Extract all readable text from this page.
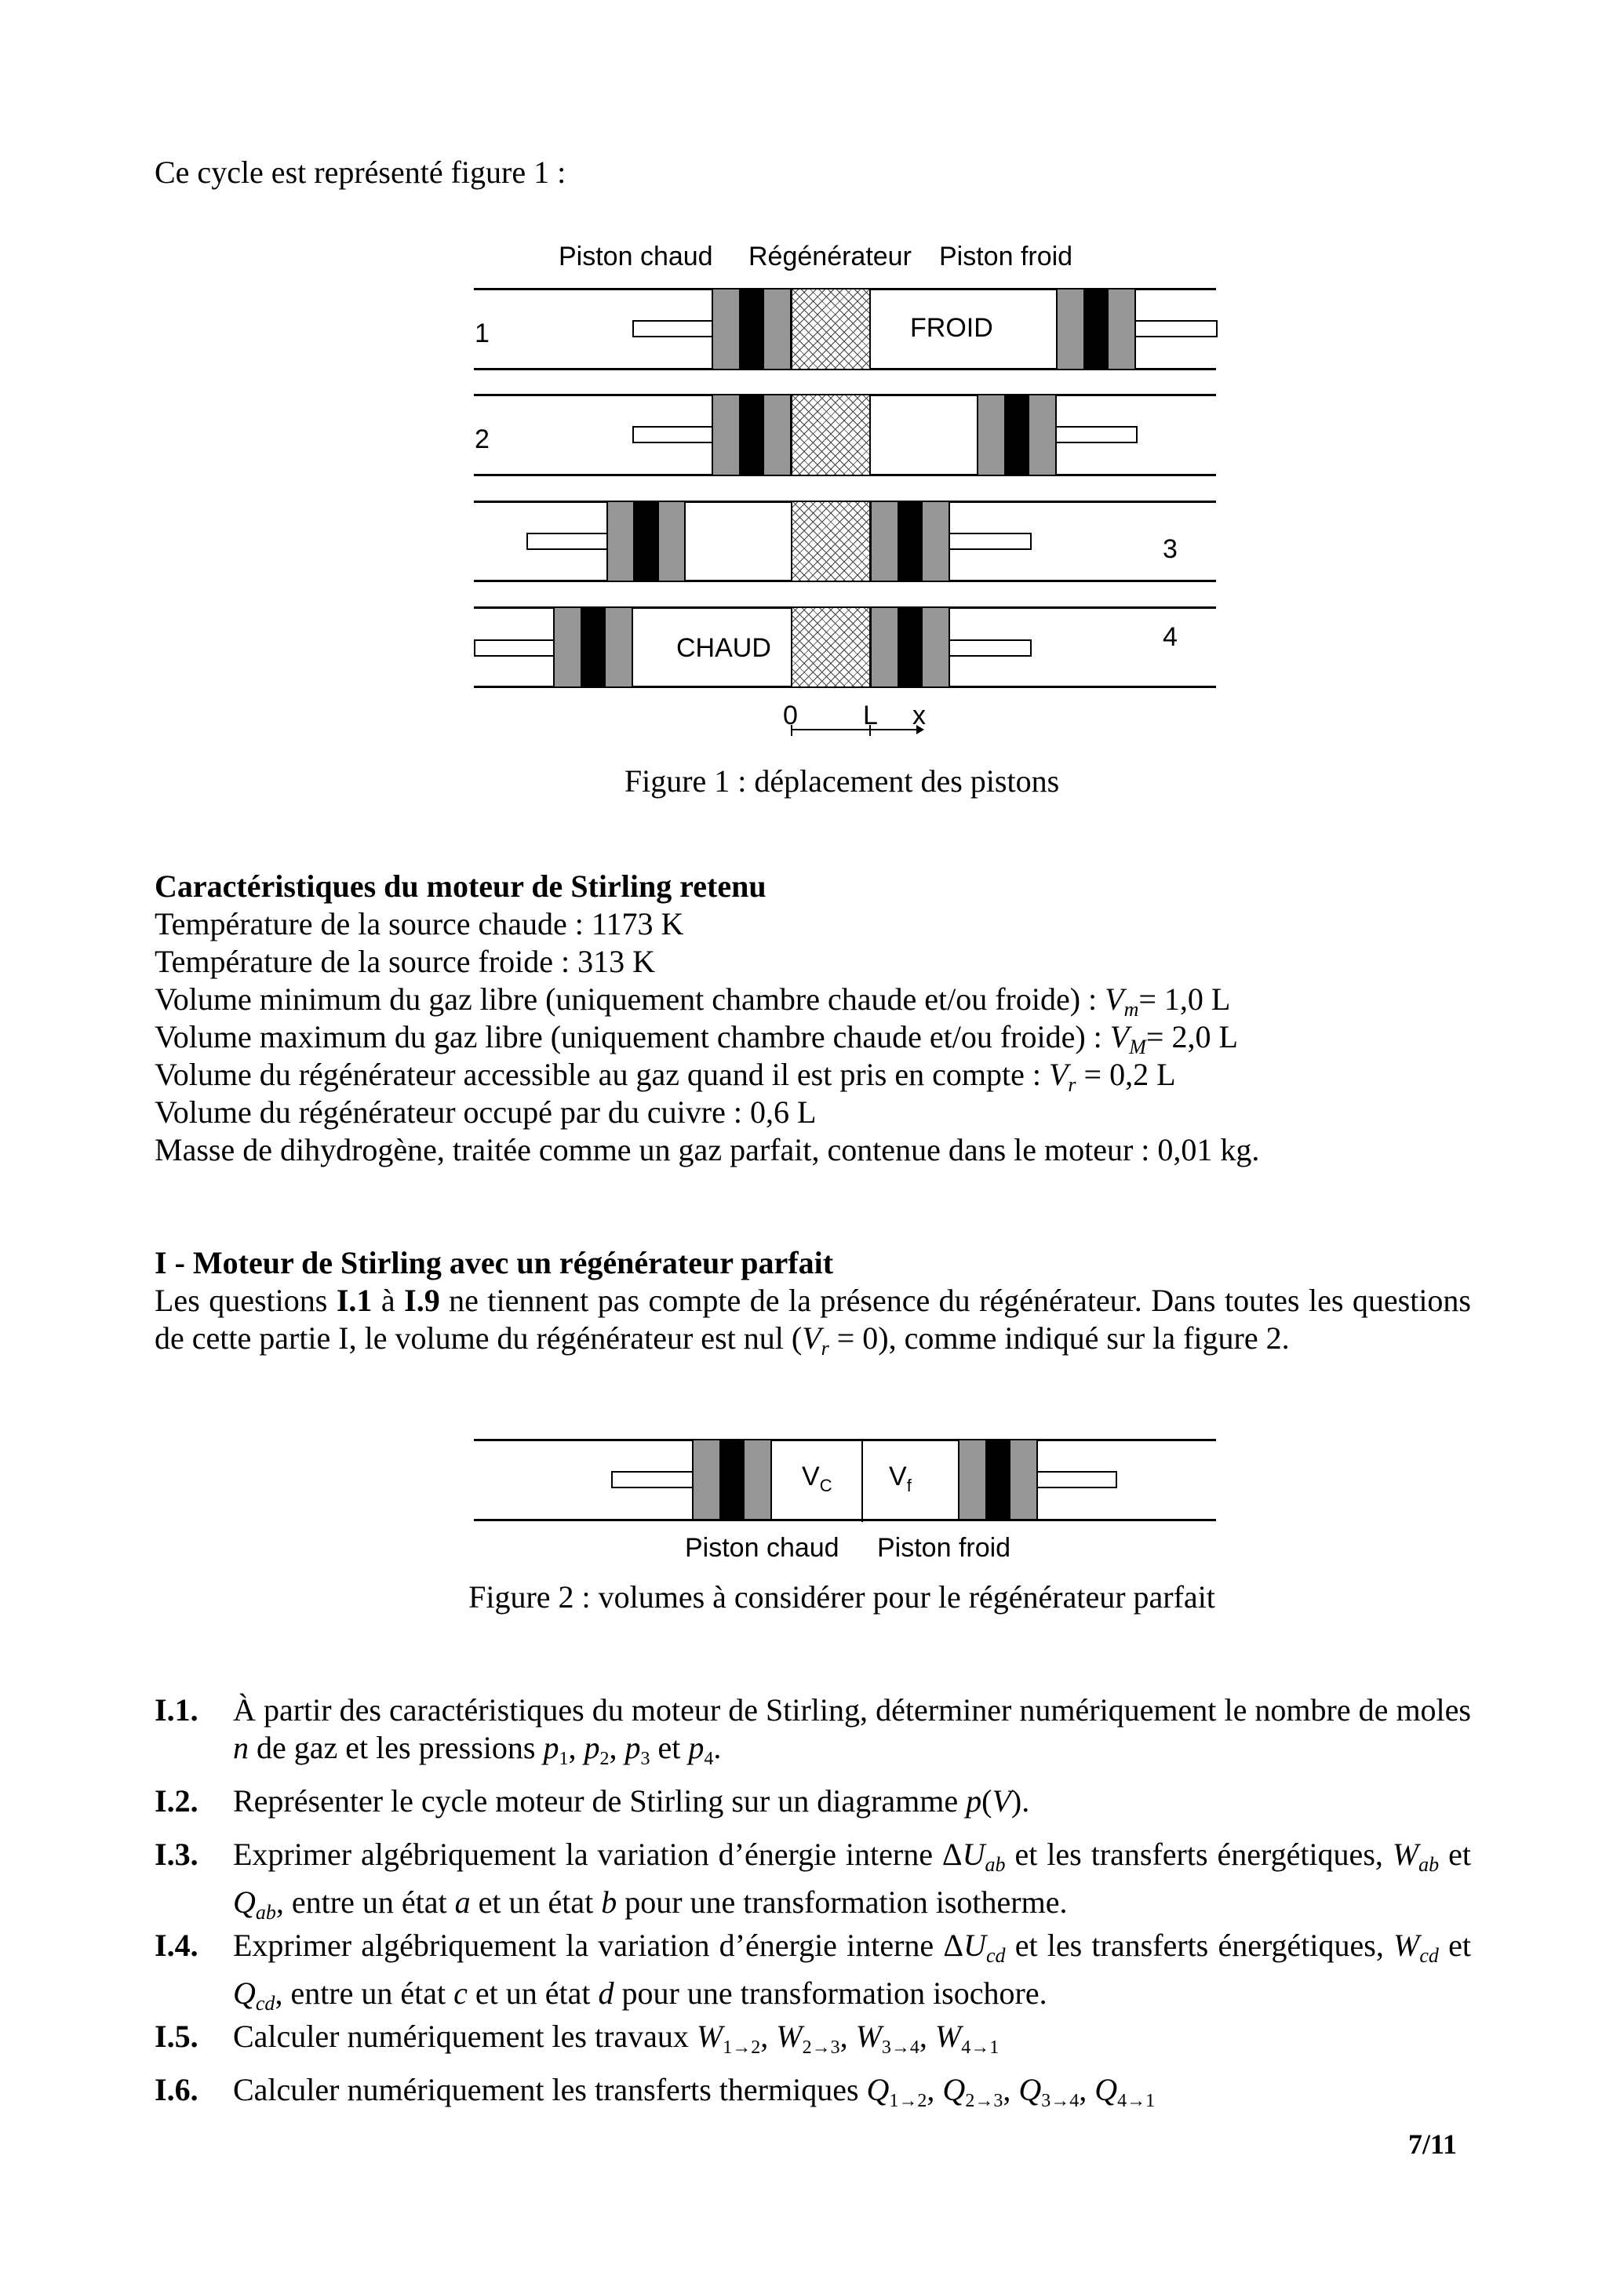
Ce cycle est représenté figure 1 :
Piston chaud Régénérateur Piston froid
1	FROID
2
3
CHAUD	4
0 L x
Figure 1 : déplacement des pistons
Caractéristiques du moteur de Stirling retenu
Température de la source chaude : 1173 K
Température de la source froide : 313 K
Volume minimum du gaz libre (uniquement chambre chaude et/ou froide) : $V_m= 1,0$ L
Volume maximum du gaz libre (uniquement chambre chaude et/ou froide) : $V_M= 2,0$ L
Volume du régénérateur accessible au gaz quand il est pris en compte : $V_r = 0,2$ L
Volume du régénérateur occupé par du cuivre : 0,6 L
Masse de dihydrogène, traitée comme un gaz parfait, contenue dans le moteur : 0,01 kg.
I - Moteur de Stirling avec un régénérateur parfait
Les questions I.1 à I.9 ne tiennent pas compte de la présence du régénérateur. Dans toutes les questions de cette partie I, le volume du régénérateur est nul $(V_r = 0)$, comme indiqué sur la figure 2.
$V_C$ $V_f$
Piston chaud Piston froid
Figure 2 : volumes à considérer pour le régénérateur parfait
I.1. À partir des caractéristiques du moteur de Stirling, déterminer numériquement le nombre de moles n de gaz et les pressions $p_1$, $p_2$, $p_3$ et $p_4$.
I.2. Représenter le cycle moteur de Stirling sur un diagramme p(V).
I.3. Exprimer algébriquement la variation d’énergie interne $\Delta U_{ab}$ et les transferts énergétiques, $W_{ab}$ et $Q_{ab}$, entre un état a et un état b pour une transformation isotherme.
I.4. Exprimer algébriquement la variation d’énergie interne $\Delta U_{cd}$ et les transferts énergétiques, $W_{cd}$ et $Q_{cd}$, entre un état c et un état d pour une transformation isochore.
I.5. Calculer numériquement les travaux $W_{1\to 2}$, $W_{2\to 3}$, $W_{3\to 4}$, $W_{4\to 1}$
I.6. Calculer numériquement les transferts thermiques $Q_{1\to 2}$, $Q_{2\to 3}$, $Q_{3\to 4}$, $Q_{4\to 1}$
7/11
